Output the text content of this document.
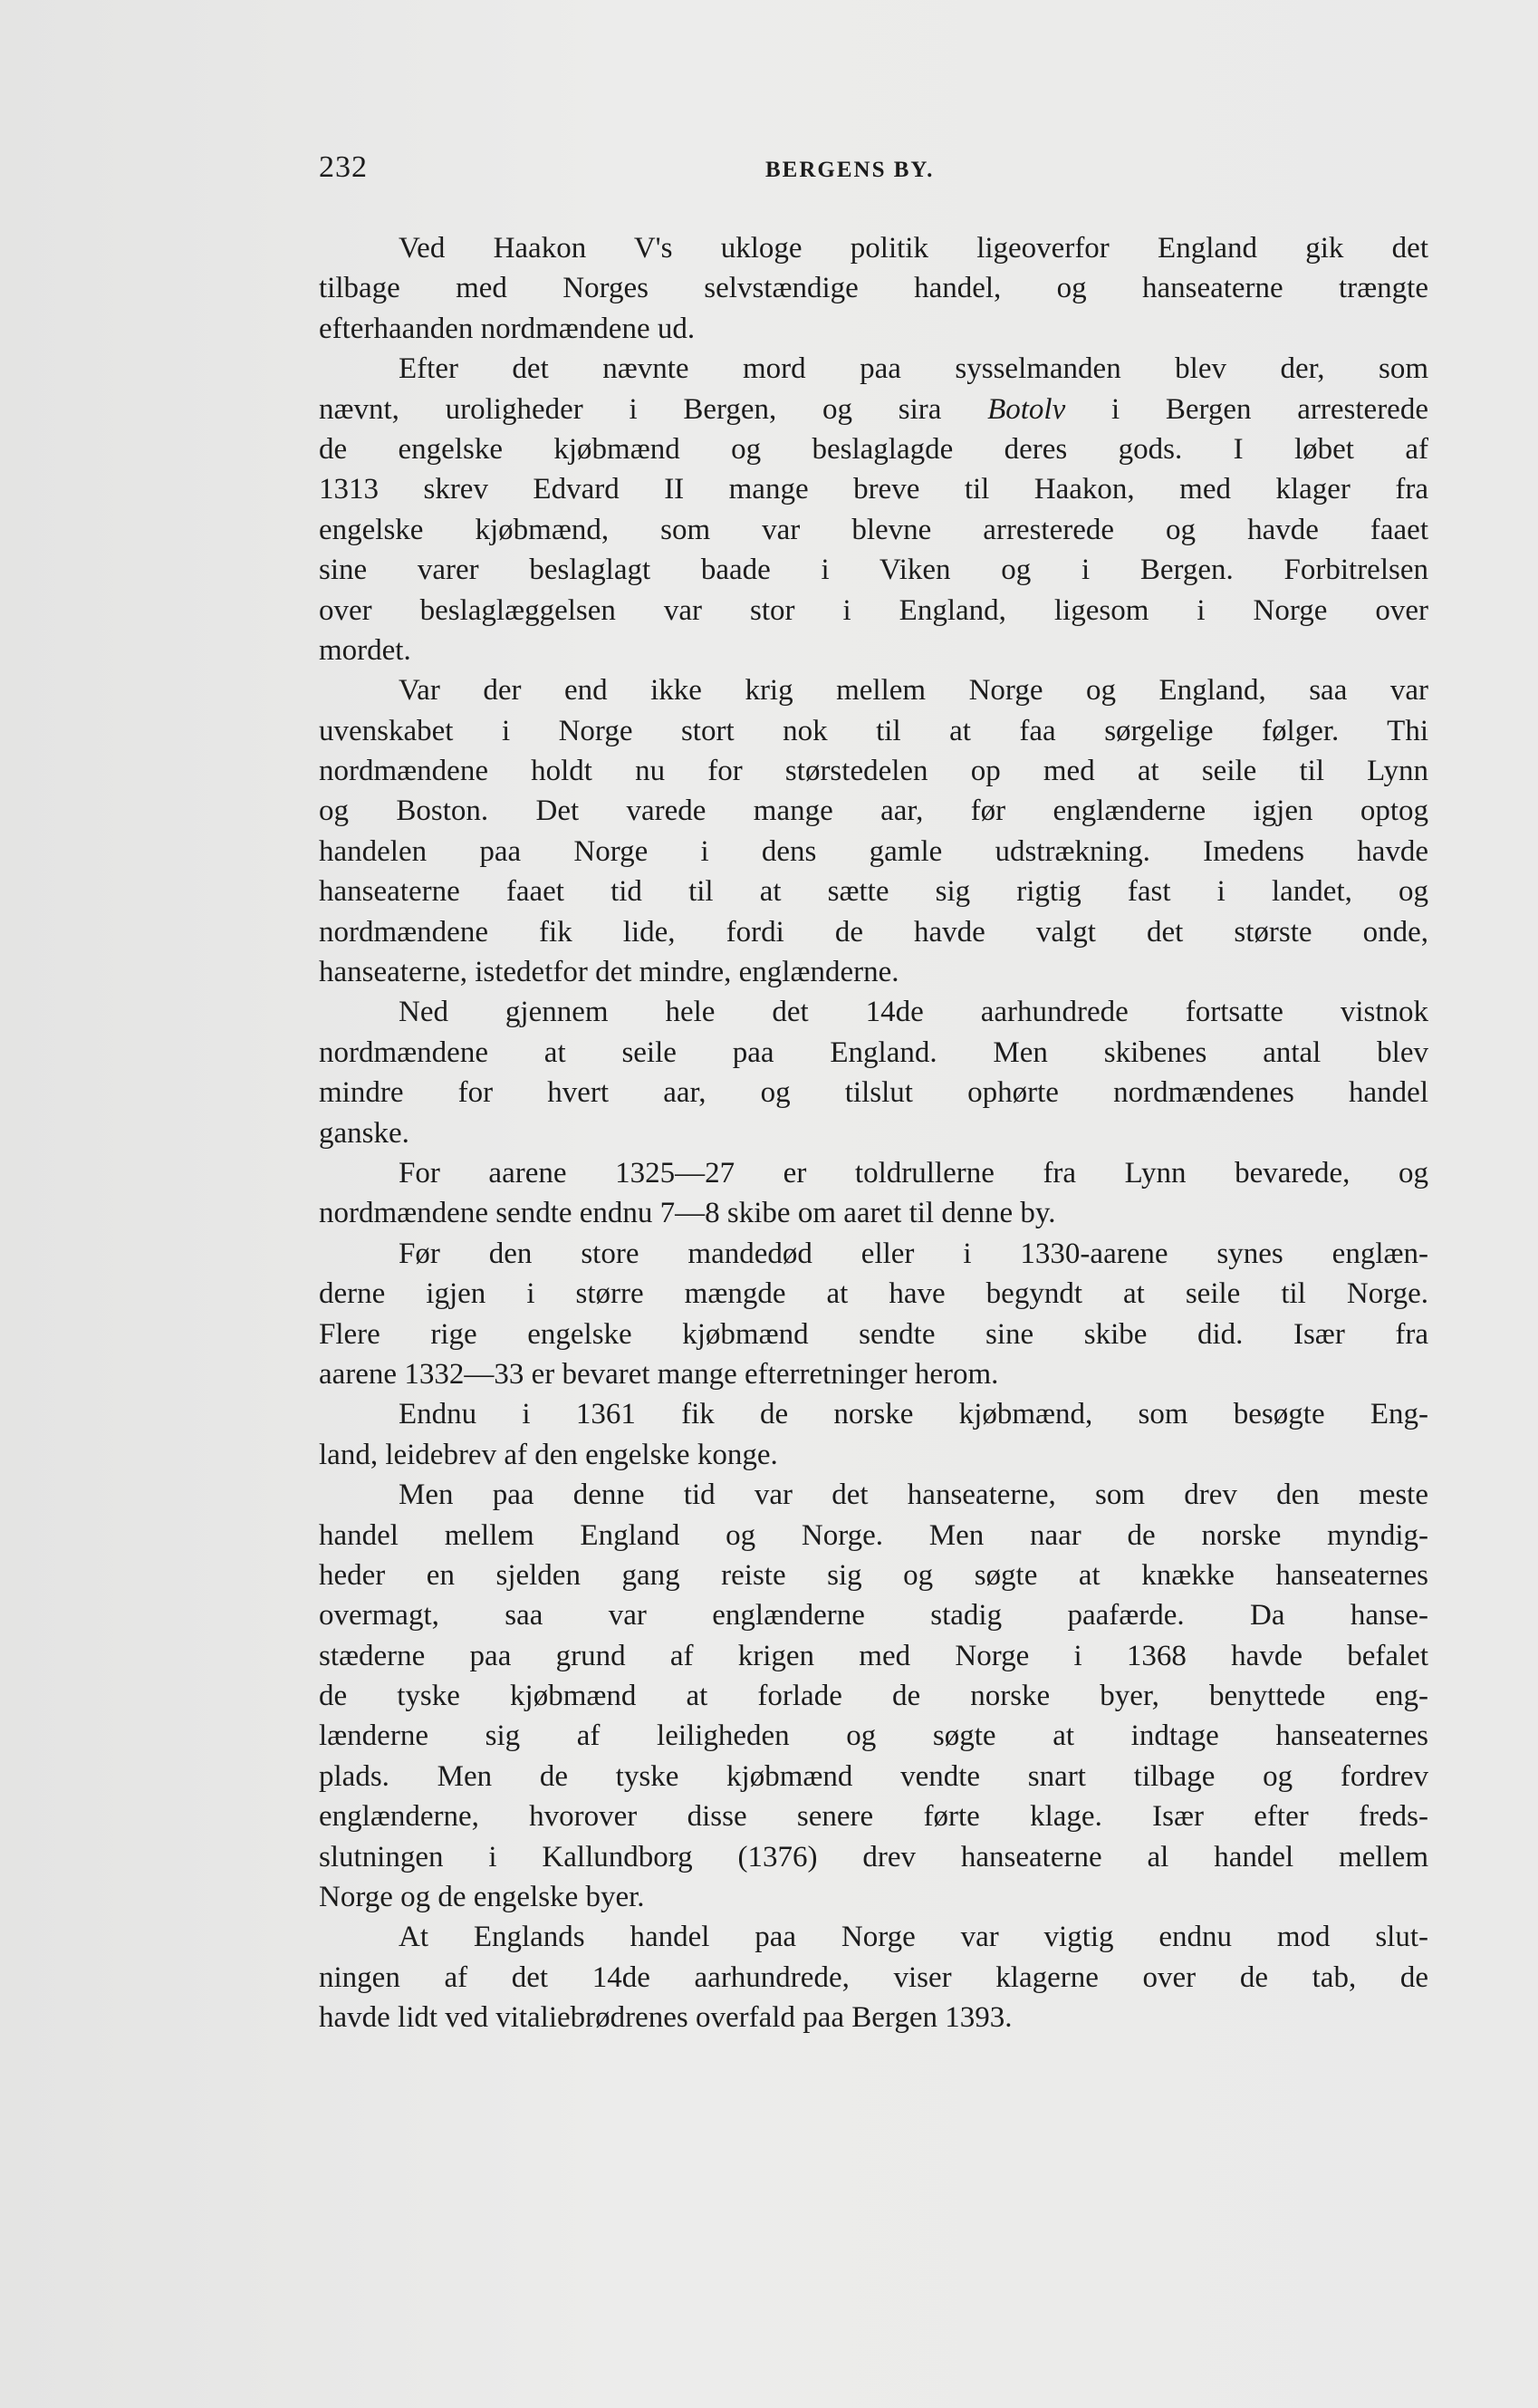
232	BERGENS BY.
Ved Haakon V's ukloge politik ligeoverfor England gik det
tilbage med Norges selvstændige handel, og hanseaterne trængte
efterhaanden nordmændene ud.
Efter det nævnte mord paa sysselmanden blev der, som
nævnt, uroligheder i Bergen, og sira Botolv i Bergen arresterede
de engelske kjøbmænd og beslaglagde deres gods. I løbet af
1313 skrev Edvard II mange breve til Haakon, med klager fra
engelske kjøbmænd, som var blevne arresterede og havde faaet
sine varer beslaglagt baade i Viken og i Bergen. Forbitrelsen
over beslaglæggelsen var stor i England, ligesom i Norge over
mordet.
Var der end ikke krig mellem Norge og England, saa var
uvenskabet i Norge stort nok til at faa sørgelige følger. Thi
nordmændene holdt nu for størstedelen op med at seile til Lynn
og Boston. Det varede mange aar, før englænderne igjen optog
handelen paa Norge i dens gamle udstrækning. Imedens havde
hanseaterne faaet tid til at sætte sig rigtig fast i landet, og
nordmændene fik lide, fordi de havde valgt det største onde,
hanseaterne, istedetfor det mindre, englænderne.
Ned gjennem hele det 14de aarhundrede fortsatte vistnok
nordmændene at seile paa England. Men skibenes antal blev
mindre for hvert aar, og tilslut ophørte nordmændenes handel
ganske.
For aarene 1325—27 er toldrullerne fra Lynn bevarede, og
nordmændene sendte endnu 7—8 skibe om aaret til denne by.
Før den store mandedød eller i 1330-aarene synes englæn-
derne igjen i større mængde at have begyndt at seile til Norge.
Flere rige engelske kjøbmænd sendte sine skibe did. Især fra
aarene 1332—33 er bevaret mange efterretninger herom.
Endnu i 1361 fik de norske kjøbmænd, som besøgte Eng-
land, leidebrev af den engelske konge.
Men paa denne tid var det hanseaterne, som drev den meste
handel mellem England og Norge. Men naar de norske myndig-
heder en sjelden gang reiste sig og søgte at knække hanseaternes
overmagt, saa var englænderne stadig paafærde. Da hanse-
stæderne paa grund af krigen med Norge i 1368 havde befalet
de tyske kjøbmænd at forlade de norske byer, benyttede eng-
lænderne sig af leiligheden og søgte at indtage hanseaternes
plads. Men de tyske kjøbmænd vendte snart tilbage og fordrev
englænderne, hvorover disse senere førte klage. Især efter freds-
slutningen i Kallundborg (1376) drev hanseaterne al handel mellem
Norge og de engelske byer.
At Englands handel paa Norge var vigtig endnu mod slut-
ningen af det 14de aarhundrede, viser klagerne over de tab, de
havde lidt ved vitaliebrødrenes overfald paa Bergen 1393.
